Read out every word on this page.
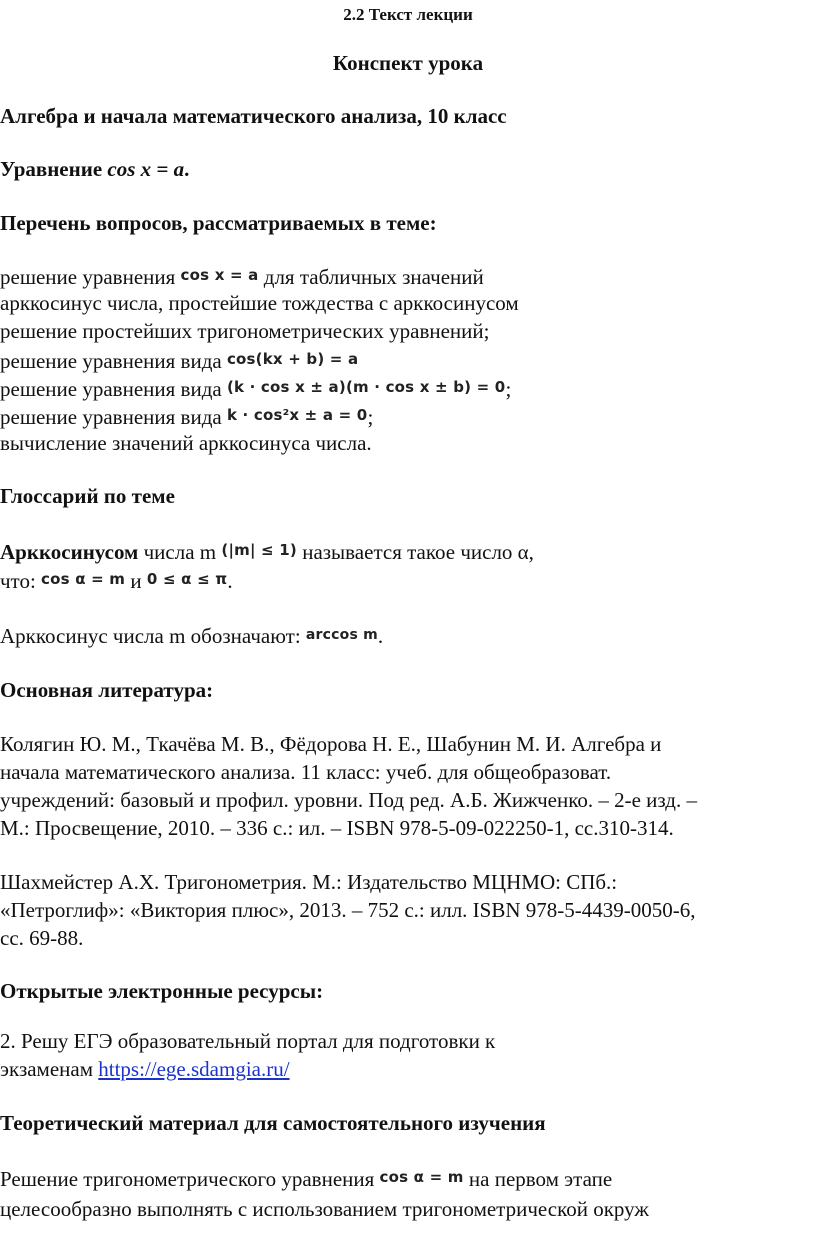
2.2 Текст лекции
Конспект урока
Алгебра и начала математического анализа, 10 класс
Уравнение cos x = a.
Перечень вопросов, рассматриваемых в теме:
решение уравнения cos x = a для табличных значений
арккосинус числа, простейшие тождества с арккосинусом
решение простейших тригонометрических уравнений;
решение уравнения вида cos(kx + b) = a
решение уравнения вида (k · cos x ± a)(m · cos x ± b) = 0;
решение уравнения вида k · cos²x ± a = 0;
вычисление значений арккосинуса числа.
Глоссарий по теме
Арккосинусом числа m (|m| ≤ 1) называется такое число α,
что: cos α = m и 0 ≤ α ≤ π.
Арккосинус числа m обозначают: arccos m.
Основная литература:
Колягин Ю. М., Ткачёва М. В., Фёдорова Н. Е., Шабунин М. И. Алгебра и
начала математического анализа. 11 класс: учеб. для общеобразоват.
учреждений: базовый и профил. уровни. Под ред. А.Б. Жижченко. – 2-е изд. –
М.: Просвещение, 2010. – 336 с.: ил. – ISBN 978-5-09-022250-1, сс.310-314.
Шахмейстер А.Х. Тригонометрия. М.: Издательство МЦНМО: СПб.:
«Петроглиф»: «Виктория плюс», 2013. – 752 с.: илл. ISBN 978-5-4439-0050-6,
сс. 69-88.
Открытые электронные ресурсы:
2. Решу ЕГЭ образовательный портал для подготовки к
экзаменам https://ege.sdamgia.ru/
Теоретический материал для самостоятельного изучения
Решение тригонометрического уравнения cos α = m на первом этапе
целесообразно выполнять с использованием тригонометрической окруж
